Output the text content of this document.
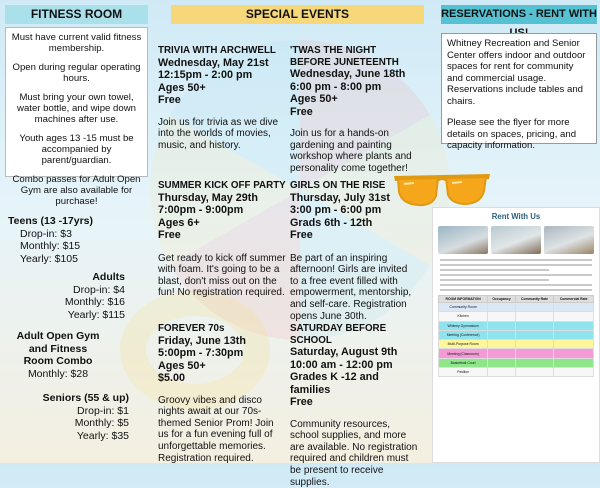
FITNESS ROOM	SPECIAL EVENTS	RESERVATIONS - RENT WITH

Must have current valid fitness membership.

Open during regular operating hours.

Must bring your own towel, water bottle, and wipe down machines after use.

Youth ages 13 -15 must be accompanied by parent/guardian.

Combo passes for Adult Open Gym are also available for purchase!

Teens (13 -17yrs)
Drop-in: $3
Monthly: $15
Yearly: $105
Adults
Drop-in: $4
Monthly: $16
Yearly: $115
Adult Open Gym
and Fitness
Room Combo
Monthly: $28
Seniors (55 & up)
Drop-in: $1
Monthly: $5
Yearly: $35
TRIVIA WITH ARCHWELL
Wednesday, May 21st
12:15pm - 2:00 pm
Ages 50+
Free
Join us for trivia as we dive into the worlds of movies, music, and history.
'TWAS THE NIGHT
BEFORE JUNETEENTH
Wednesday, June 18th
6:00 pm - 8:00 pm
Ages 50+
Free
Join us for a hands-on gardening and painting workshop where plants and personality come together!
SUMMER KICK OFF PARTY
Thursday, May 29th
7:00pm - 9:00pm
Ages 6+
Free
Get ready to kick off summer with foam. It's going to be a blast, don't miss out on the fun! No registration required.
GIRLS ON THE RISE
Thursday, July 31st
3:00 pm - 6:00 pm
Grads 6th - 12th
Free
Be part of an inspiring afternoon! Girls are invited to a free event filled with empowerment, mentorship, and self-care. Registration opens June 30th.
FOREVER 70s
Friday, June 13th
5:00pm - 7:30pm
Ages 50+
$5.00
Groovy vibes and disco nights await at our 70s-themed Senior Prom! Join us for a fun evening full of unforgettable memories. Registration required.
SATURDAY BEFORE SCHOOL
Saturday, August 9th
10:00 am - 12:00 pm
Grades K -12 and families
Free
Community resources, school supplies, and more are available. No registration required and children must be present to receive supplies.

Whitney Recreation and Senior Center offers indoor and outdoor spaces for rent for community and commercial usage. Reservations include tables and chairs.

Please see the flyer for more details on spaces, pricing, and capacity information.

Rent With Us
ROOM INFORMATION	Occupancy	Community Rate	Commercial Rate
Community Room			
Kitchen			
Whitney Gymnasium			
Meeting (Conference)			
Multi-Purpose Room			
Meeting (Classroom)			
Basketball Court			
Pavilion			
